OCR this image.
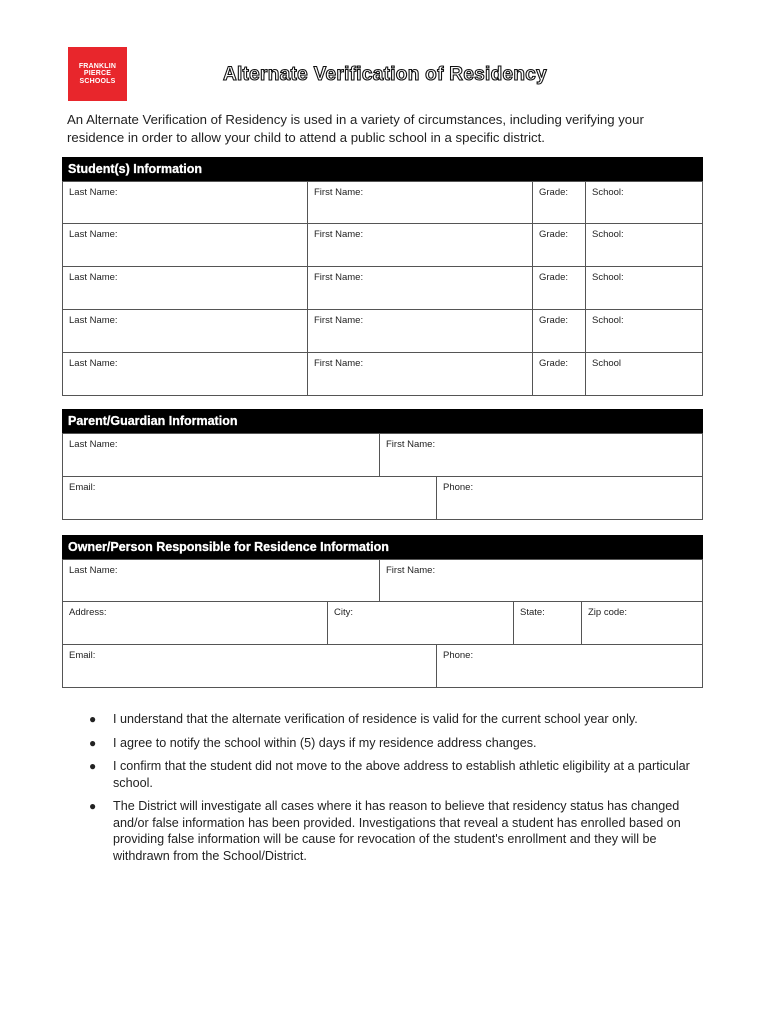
FRANKLIN
PIERCE
SCHOOLS	Alternate Verification of Residency
An Alternate Verification of Residency is used in a variety of circumstances, including verifying your residence in order to allow your child to attend a public school in a specific district.
Student(s) Information
Last Name:	First Name:	Grade:	School:
Last Name:	First Name:	Grade:	School:
Last Name:	First Name:	Grade:	School:
Last Name:	First Name:	Grade:	School:
Last Name:	First Name:	Grade:	School
Parent/Guardian Information
Last Name:	First Name:
Email:	Phone:
Owner/Person Responsible for Residence Information
Last Name:	First Name:
Address:	City:	State:	Zip code:
Email:	Phone:
● I understand that the alternate verification of residence is valid for the current school year only.
● I agree to notify the school within (5) days if my residence address changes.
● I confirm that the student did not move to the above address to establish athletic eligibility at a particular school.
● The District will investigate all cases where it has reason to believe that residency status has changed and/or false information has been provided. Investigations that reveal a student has enrolled based on providing false information will be cause for revocation of the student's enrollment and they will be withdrawn from the School/District.
